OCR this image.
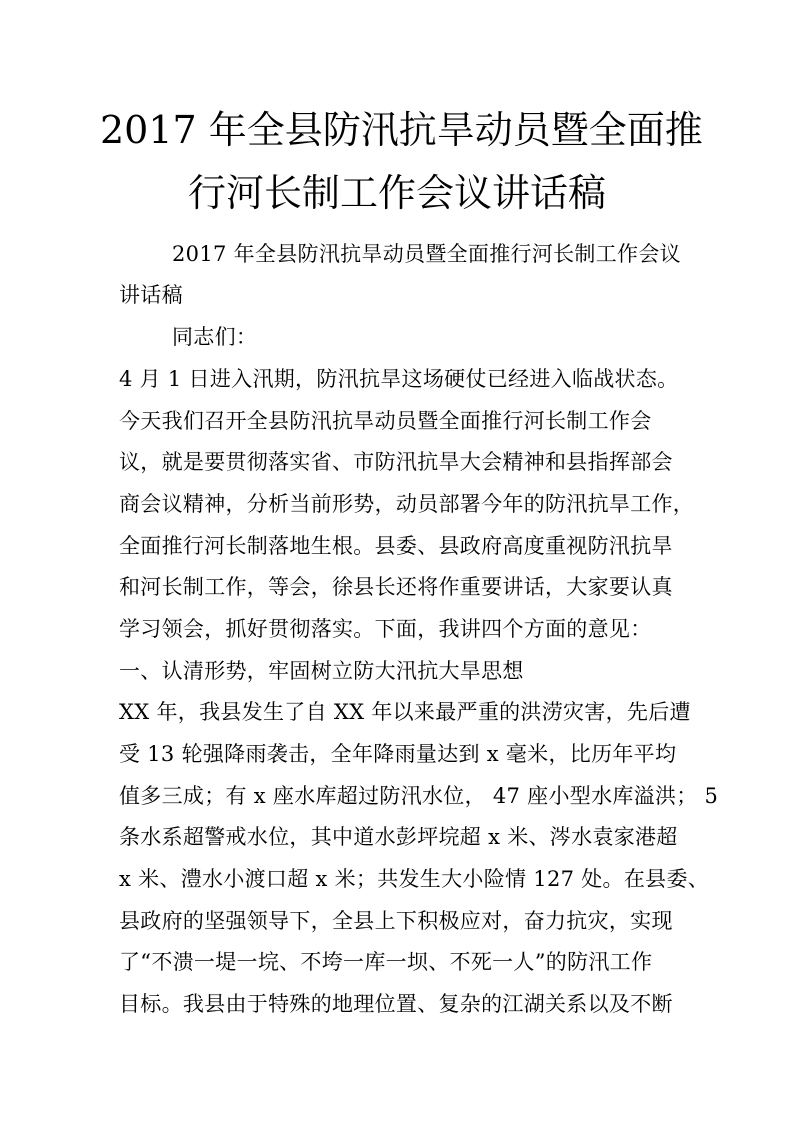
2017 年全县防汛抗旱动员暨全面推
行河长制工作会议讲话稿
2017 年全县防汛抗旱动员暨全面推行河长制工作会议
讲话稿
同志们：
4 月 1 日进入汛期，防汛抗旱这场硬仗已经进入临战状态。
今天我们召开全县防汛抗旱动员暨全面推行河长制工作会
议，就是要贯彻落实省、市防汛抗旱大会精神和县指挥部会
商会议精神，分析当前形势，动员部署今年的防汛抗旱工作，
全面推行河长制落地生根。县委、县政府高度重视防汛抗旱
和河长制工作，等会，徐县长还将作重要讲话，大家要认真
学习领会，抓好贯彻落实。下面，我讲四个方面的意见：
一、认清形势，牢固树立防大汛抗大旱思想
XX 年，我县发生了自 XX 年以来最严重的洪涝灾害，先后遭
受 13 轮强降雨袭击，全年降雨量达到 x 毫米，比历年平均
值多三成；有 x 座水库超过防汛水位， 47 座小型水库溢洪； 5
条水系超警戒水位，其中道水彭坪垸超 x 米、涔水袁家港超
x 米、澧水小渡口超 x 米；共发生大小险情 127 处。在县委、
县政府的坚强领导下，全县上下积极应对，奋力抗灾，实现
了“不溃一堤一垸、不垮一库一坝、不死一人”的防汛工作
目标。我县由于特殊的地理位置、复杂的江湖关系以及不断
